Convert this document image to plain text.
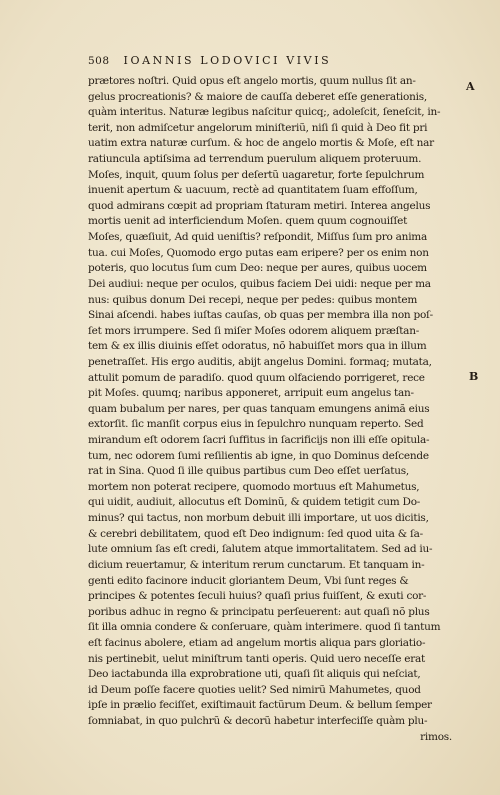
508 IOANNIS LODOVICI VIVIS
A
B
prætores noſtri. Quid opus eſt angelo mortis, quum nullus ſit an-
gelus procreationis? & maiore de cauſſa deberet eſſe generationis,
quàm interitus. Naturæ legibus naſcitur quicq;, adoleſcit, ſeneſcit, in-
terit, non admiſcetur angelorum miniſteriũ, niſi ſi quid à Deo fit pri
uatim extra naturæ curſum. & hoc de angelo mortis & Moſe, eſt nar
ratiuncula aptiſsima ad terrendum puerulum aliquem proteruum.
Moſes, inquit, quum ſolus per deſertũ uagaretur, forte ſepulchrum
inuenit apertum & uacuum, rectè ad quantitatem ſuam effoſſum,
quod admirans cœpit ad propriam ſtaturam metiri. Interea angelus
mortis uenit ad interficiendum Moſen. quem quum cognouiſſet
Moſes, quæſiuit, Ad quid ueniſtis? reſpondit, Miſſus ſum pro anima
tua. cui Moſes, Quomodo ergo putas eam eripere? per os enim non
poteris, quo locutus ſum cum Deo: neque per aures, quibus uocem
Dei audiui: neque per oculos, quibus faciem Dei uidi: neque per ma
nus: quibus donum Dei recepi, neque per pedes: quibus montem
Sinai aſcendi. habes iuſtas cauſas, ob quas per membra illa non poſ-
ſet mors irrumpere. Sed ſi miſer Moſes odorem aliquem præſtan-
tem & ex illis diuinis eſſet odoratus, nõ habuiſſet mors qua in illum
penetraſſet. His ergo auditis, abijt angelus Domini. formaq; mutata,
attulit pomum de paradiſo. quod quum olfaciendo porrigeret, rece
pit Moſes. quumq; naribus apponeret, arripuit eum angelus tan-
quam bubalum per nares, per quas tanquam emungens animã eius
extorſit. ſic manſit corpus eius in ſepulchro nunquam reperto. Sed
mirandum eſt odorem ſacri ſuffitus in ſacrificijs non illi eſſe opitula-
tum, nec odorem ſumi reſilientis ab igne, in quo Dominus deſcende
rat in Sina. Quod ſi ille quibus partibus cum Deo eſſet uerſatus,
mortem non poterat recipere, quomodo mortuus eſt Mahumetus,
qui uidit, audiuit, allocutus eſt Dominũ, & quidem tetigit cum Do-
minus? qui tactus, non morbum debuit illi importare, ut uos dicitis,
& cerebri debilitatem, quod eſt Deo indignum: ſed quod uita & ſa-
lute omnium ſas eſt credi, ſalutem atque immortalitatem. Sed ad iu-
dicium reuertamur, & interitum rerum cunctarum. Et tanquam in-
genti edito facinore inducit gloriantem Deum, Vbi ſunt reges &
principes & potentes ſeculi huius? quaſi prius fuiſſent, & exuti cor-
poribus adhuc in regno & principatu perſeuerent: aut quaſi nõ plus
ſit illa omnia condere & conſeruare, quàm interimere. quod ſi tantum
eſt facinus abolere, etiam ad angelum mortis aliqua pars gloriatio-
nis pertinebit, uelut miniſtrum tanti operis. Quid uero neceſſe erat
Deo iactabunda illa exprobratione uti, quaſi ſit aliquis qui neſciat,
id Deum poſſe facere quoties uelit? Sed nimirũ Mahumetes, quod
ipſe in prælio feciſſet, exiſtimauit factũrum Deum. & bellum ſemper
ſomniabat, in quo pulchrũ & decorũ habetur interfeciſſe quàm plu-
rimos.
